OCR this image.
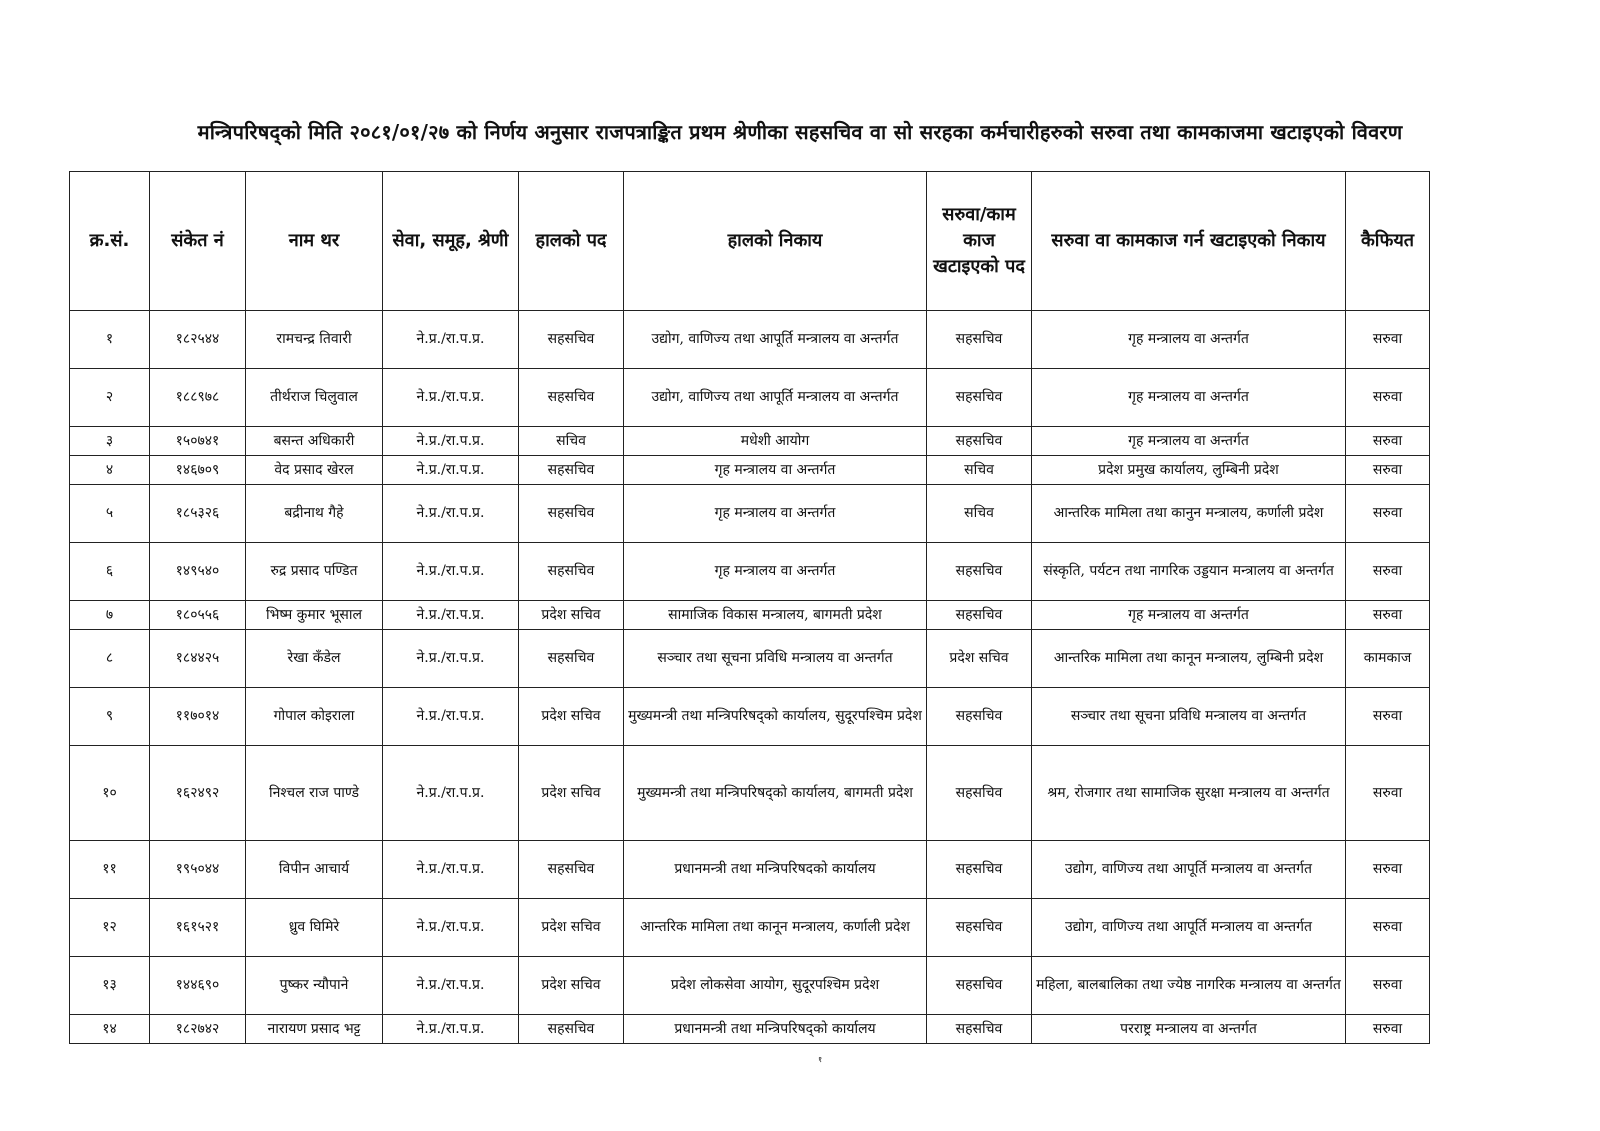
मन्त्रिपरिषद्को मिति २०८१/०१/२७ को निर्णय अनुसार राजपत्राङ्कित प्रथम श्रेणीका सहसचिव वा सो सरहका कर्मचारीहरुको सरुवा तथा कामकाजमा खटाइएको विवरण
क्र.सं.	संकेत नं	नाम थर	सेवा, समूह, श्रेणी	हालको पद	हालको निकाय	सरुवा/काम काज खटाइएको पद	सरुवा वा कामकाज गर्न खटाइएको निकाय	कैफियत
१	१८२५४४	रामचन्द्र तिवारी	ने.प्र./रा.प.प्र.	सहसचिव	उद्योग, वाणिज्य तथा आपूर्ति मन्त्रालय वा अन्तर्गत	सहसचिव	गृह मन्त्रालय वा अन्तर्गत	सरुवा
२	१८८९७८	तीर्थराज चिलुवाल	ने.प्र./रा.प.प्र.	सहसचिव	उद्योग, वाणिज्य तथा आपूर्ति मन्त्रालय वा अन्तर्गत	सहसचिव	गृह मन्त्रालय वा अन्तर्गत	सरुवा
३	१५०७४१	बसन्त अधिकारी	ने.प्र./रा.प.प्र.	सचिव	मधेशी आयोग	सहसचिव	गृह मन्त्रालय वा अन्तर्गत	सरुवा
४	१४६७०९	वेद प्रसाद खेरल	ने.प्र./रा.प.प्र.	सहसचिव	गृह मन्त्रालय वा अन्तर्गत	सचिव	प्रदेश प्रमुख कार्यालय, लुम्बिनी प्रदेश	सरुवा
५	१८५३२६	बद्रीनाथ गैहे	ने.प्र./रा.प.प्र.	सहसचिव	गृह मन्त्रालय वा अन्तर्गत	सचिव	आन्तरिक मामिला तथा कानुन मन्त्रालय, कर्णाली प्रदेश	सरुवा
६	१४९५४०	रुद्र प्रसाद पण्डित	ने.प्र./रा.प.प्र.	सहसचिव	गृह मन्त्रालय वा अन्तर्गत	सहसचिव	संस्कृति, पर्यटन तथा नागरिक उड्डयान मन्त्रालय वा अन्तर्गत	सरुवा
७	१८०५५६	भिष्म कुमार भूसाल	ने.प्र./रा.प.प्र.	प्रदेश सचिव	सामाजिक विकास मन्त्रालय, बागमती प्रदेश	सहसचिव	गृह मन्त्रालय वा अन्तर्गत	सरुवा
८	१८४४२५	रेखा कँडेल	ने.प्र./रा.प.प्र.	सहसचिव	सञ्चार तथा सूचना प्रविधि मन्त्रालय वा अन्तर्गत	प्रदेश सचिव	आन्तरिक मामिला तथा कानून मन्त्रालय, लुम्बिनी प्रदेश	कामकाज
९	११७०१४	गोपाल कोइराला	ने.प्र./रा.प.प्र.	प्रदेश सचिव	मुख्यमन्त्री तथा मन्त्रिपरिषद्को कार्यालय, सुदूरपश्चिम प्रदेश	सहसचिव	सञ्चार तथा सूचना प्रविधि मन्त्रालय वा अन्तर्गत	सरुवा
१०	१६२४९२	निश्चल राज पाण्डे	ने.प्र./रा.प.प्र.	प्रदेश सचिव	मुख्यमन्त्री तथा मन्त्रिपरिषद्को कार्यालय, बागमती प्रदेश	सहसचिव	श्रम, रोजगार तथा सामाजिक सुरक्षा मन्त्रालय वा अन्तर्गत	सरुवा
११	१९५०४४	विपीन आचार्य	ने.प्र./रा.प.प्र.	सहसचिव	प्रधानमन्त्री तथा मन्त्रिपरिषदको कार्यालय	सहसचिव	उद्योग, वाणिज्य तथा आपूर्ति मन्त्रालय वा अन्तर्गत	सरुवा
१२	१६१५२१	ध्रुव घिमिरे	ने.प्र./रा.प.प्र.	प्रदेश सचिव	आन्तरिक मामिला तथा कानून मन्त्रालय, कर्णाली प्रदेश	सहसचिव	उद्योग, वाणिज्य तथा आपूर्ति मन्त्रालय वा अन्तर्गत	सरुवा
१३	१४४६९०	पुष्कर न्यौपाने	ने.प्र./रा.प.प्र.	प्रदेश सचिव	प्रदेश लोकसेवा आयोग, सुदूरपश्चिम प्रदेश	सहसचिव	महिला, बालबालिका तथा ज्येष्ठ नागरिक मन्त्रालय वा अन्तर्गत	सरुवा
१४	१८२७४२	नारायण प्रसाद भट्ट	ने.प्र./रा.प.प्र.	सहसचिव	प्रधानमन्त्री तथा मन्त्रिपरिषद्को कार्यालय	सहसचिव	परराष्ट्र मन्त्रालय वा अन्तर्गत	सरुवा
१
